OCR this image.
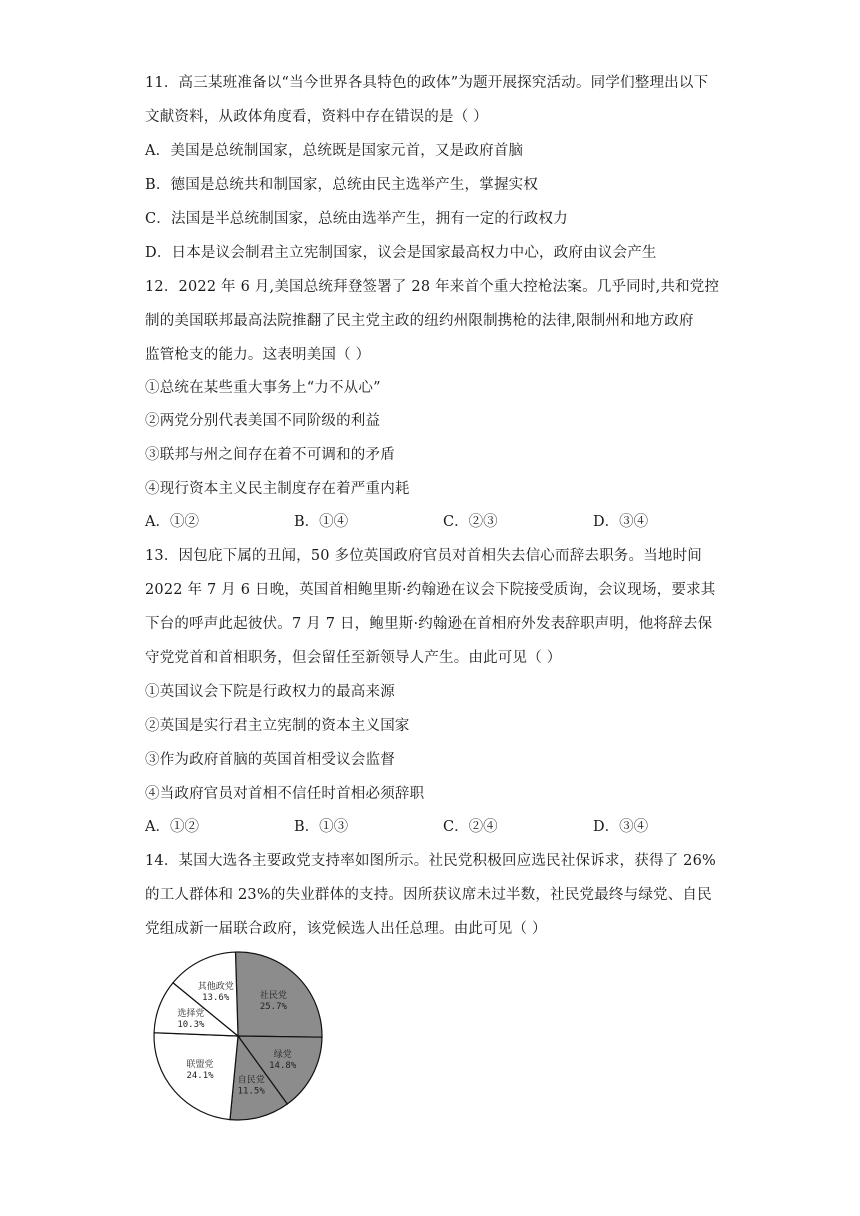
11．高三某班准备以“当今世界各具特色的政体”为题开展探究活动。同学们整理出以下
文献资料，从政体角度看，资料中存在错误的是（ ）
A．美国是总统制国家，总统既是国家元首，又是政府首脑
B．德国是总统共和制国家，总统由民主选举产生，掌握实权
C．法国是半总统制国家，总统由选举产生，拥有一定的行政权力
D．日本是议会制君主立宪制国家，议会是国家最高权力中心，政府由议会产生
12．2022 年 6 月,美国总统拜登签署了 28 年来首个重大控枪法案。几乎同时,共和党控
制的美国联邦最高法院推翻了民主党主政的纽约州限制携枪的法律,限制州和地方政府
监管枪支的能力。这表明美国（ ）
①总统在某些重大事务上“力不从心”
②两党分别代表美国不同阶级的利益
③联邦与州之间存在着不可调和的矛盾
④现行资本主义民主制度存在着严重内耗
A．①②	B．①④	C．②③	D．③④
13．因包庇下属的丑闻，50 多位英国政府官员对首相失去信心而辞去职务。当地时间
2022 年 7 月 6 日晚，英国首相鲍里斯·约翰逊在议会下院接受质询，会议现场，要求其
下台的呼声此起彼伏。7 月 7 日，鲍里斯·约翰逊在首相府外发表辞职声明，他将辞去保
守党党首和首相职务，但会留任至新领导人产生。由此可见（ ）
①英国议会下院是行政权力的最高来源
②英国是实行君主立宪制的资本主义国家
③作为政府首脑的英国首相受议会监督
④当政府官员对首相不信任时首相必须辞职
A．①②	B．①③	C．②④	D．③④
14．某国大选各主要政党支持率如图所示。社民党积极回应选民社保诉求，获得了 26%
的工人群体和 23%的失业群体的支持。因所获议席未过半数，社民党最终与绿党、自民
党组成新一届联合政府，该党候选人出任总理。由此可见（ ）
社民党
25.7%
绿党
14.8%
自民党
11.5%
联盟党
24.1%
选择党
10.3%
其他政党
13.6%
